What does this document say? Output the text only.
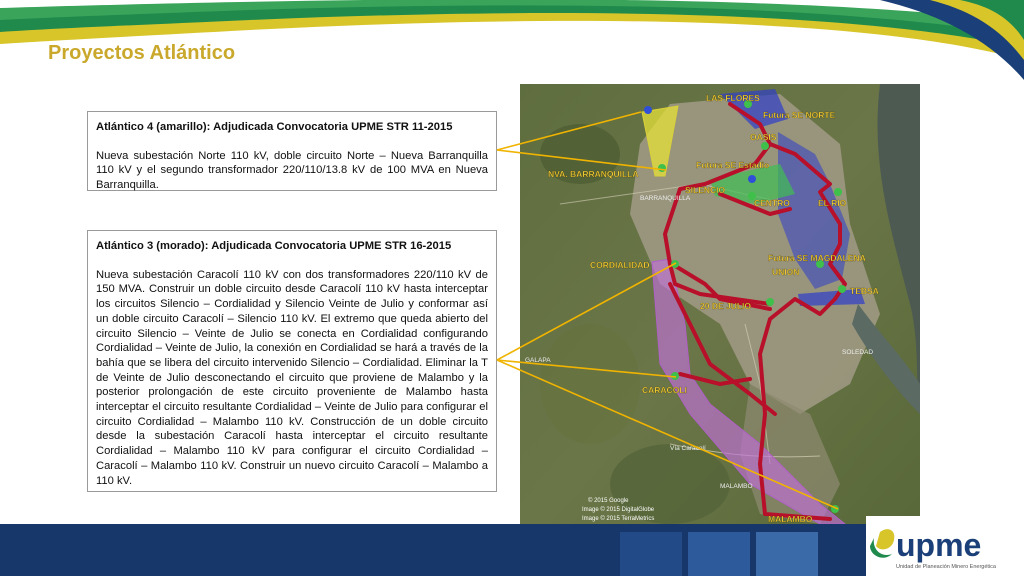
Proyectos Atlántico
Atlántico 4 (amarillo): Adjudicada Convocatoria UPME STR 11-2015
Nueva subestación Norte 110 kV, doble circuito Norte – Nueva Barranquilla 110 kV y el segundo transformador 220/110/13.8 kV de 100 MVA en Nueva Barranquilla.
Atlántico 3 (morado): Adjudicada Convocatoria UPME STR 16-2015
Nueva subestación Caracolí 110 kV con dos transformadores 220/110 kV de 150 MVA. Construir un doble circuito desde Caracolí 110 kV hasta interceptar los circuitos Silencio – Cordialidad y Silencio Veinte de Julio y conformar así un doble circuito Caracolí – Silencio 110 kV. El extremo que queda abierto del circuito Silencio – Veinte de Julio se conecta en Cordialidad configurando Cordialidad – Veinte de Julio, la conexión en Cordialidad se hará a través de la bahía que se libera del circuito intervenido Silencio – Cordialidad. Eliminar la T de Veinte de Julio desconectando el circuito que proviene de Malambo y la posterior prolongación de este circuito proveniente de Malambo hasta interceptar el circuito resultante Cordialidad – Veinte de Julio para configurar el circuito Cordialidad – Malambo 110 kV. Construcción de un doble circuito desde la subestación Caracolí hasta interceptar el circuito resultante Cordialidad – Malambo 110 kV para configurar el circuito Cordialidad – Caracolí – Malambo 110 kV. Construir un nuevo circuito Caracolí – Malambo a 110 kV.
LAS FLORES
Futura SE NORTE
OASIS
Futura SE Estadio
NVA. BARRANQUILLA
SILENCIO
CENTRO	EL RIO
CORDIALIDAD
Futura SE MAGDALENA
UNION
TEBSA
20 DE JULIO
CARACOLI
MALAMBO
BARRANQUILLA
SOLEDAD
MALAMBO
GALAPA
Vía Caracolí
© 2015 Google
Image © 2015 DigitalGlobe
Image © 2015 TerraMetrics
upme
Unidad de Planeación Minero Energética
